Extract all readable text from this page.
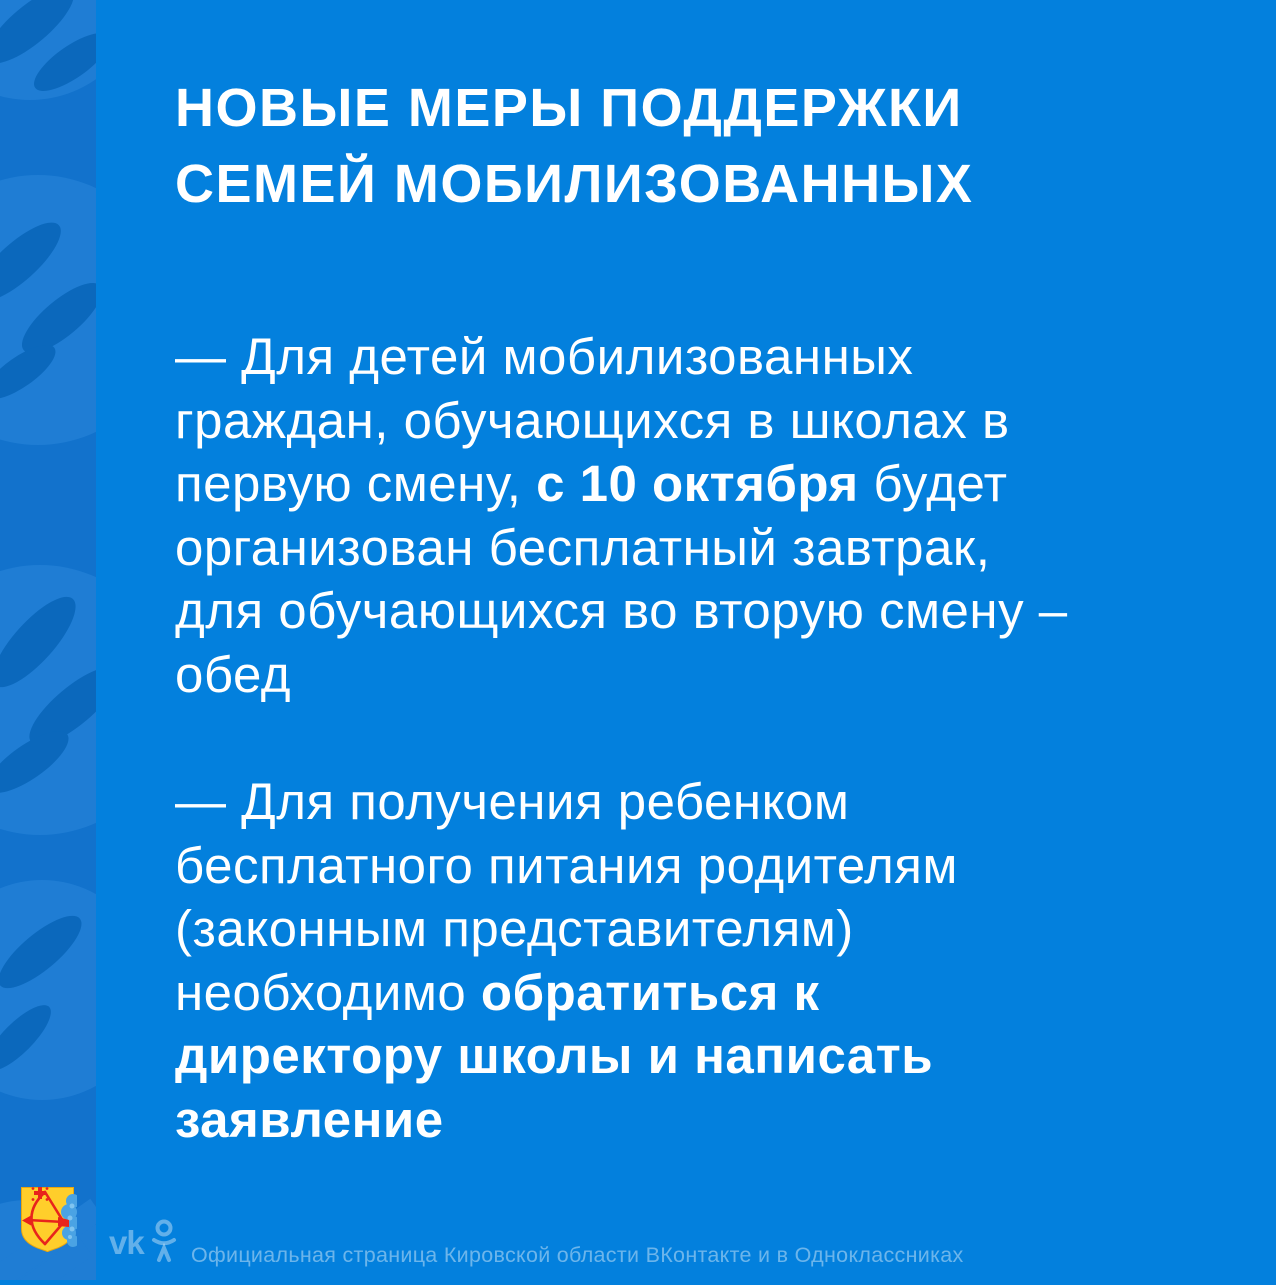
НОВЫЕ МЕРЫ ПОДДЕРЖКИ
СЕМЕЙ МОБИЛИЗОВАННЫХ
— Для детей мобилизованных
граждан, обучающихся в школах в
первую смену, с 10 октября будет
организован бесплатный завтрак,
для обучающихся во вторую смену –
обед
— Для получения ребенком
бесплатного питания родителям
(законным представителям)
необходимо обратиться к
директору школы и написать
заявление
vk Официальная страница Кировской области ВКонтакте и в Одноклассниках
